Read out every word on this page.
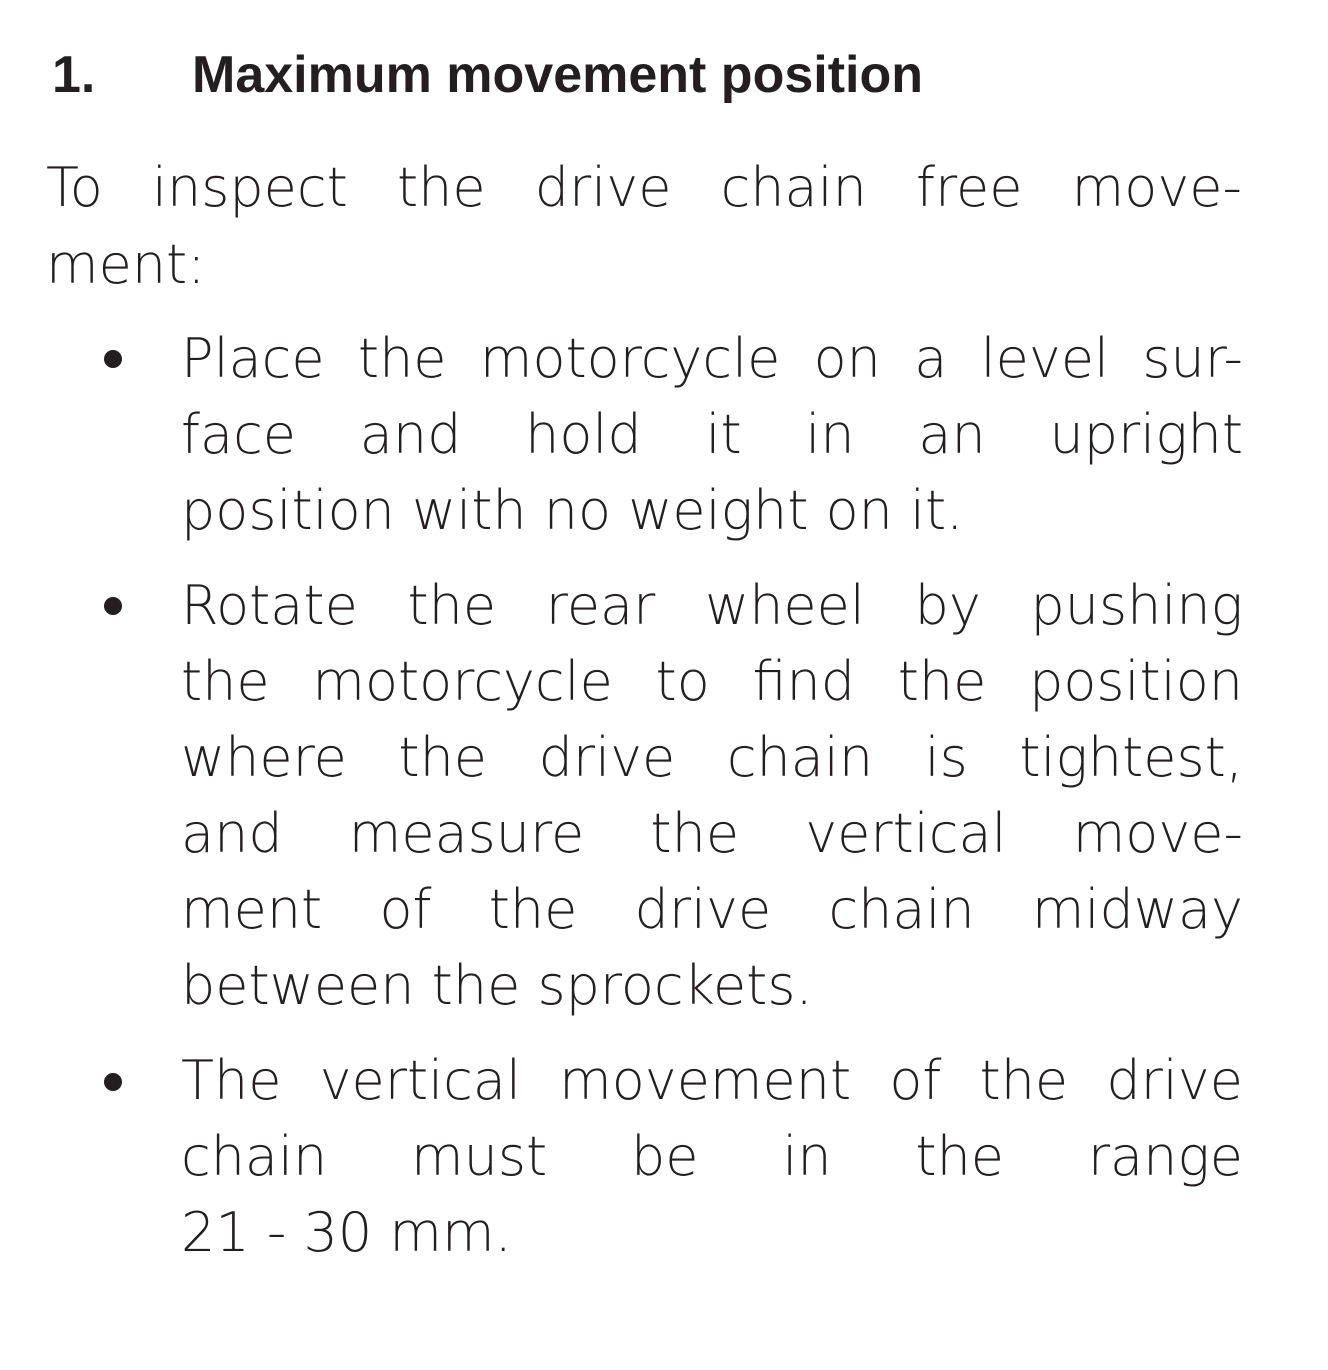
1.	Maximum movement position
To inspect the drive chain free move-
ment:
Place the motorcycle on a level sur-
face and hold it in an upright
position with no weight on it.
Rotate the rear wheel by pushing
the motorcycle to find the position
where the drive chain is tightest,
and measure the vertical move-
ment of the drive chain midway
between the sprockets.
The vertical movement of the drive
chain must be in the range
21 - 30 mm.
